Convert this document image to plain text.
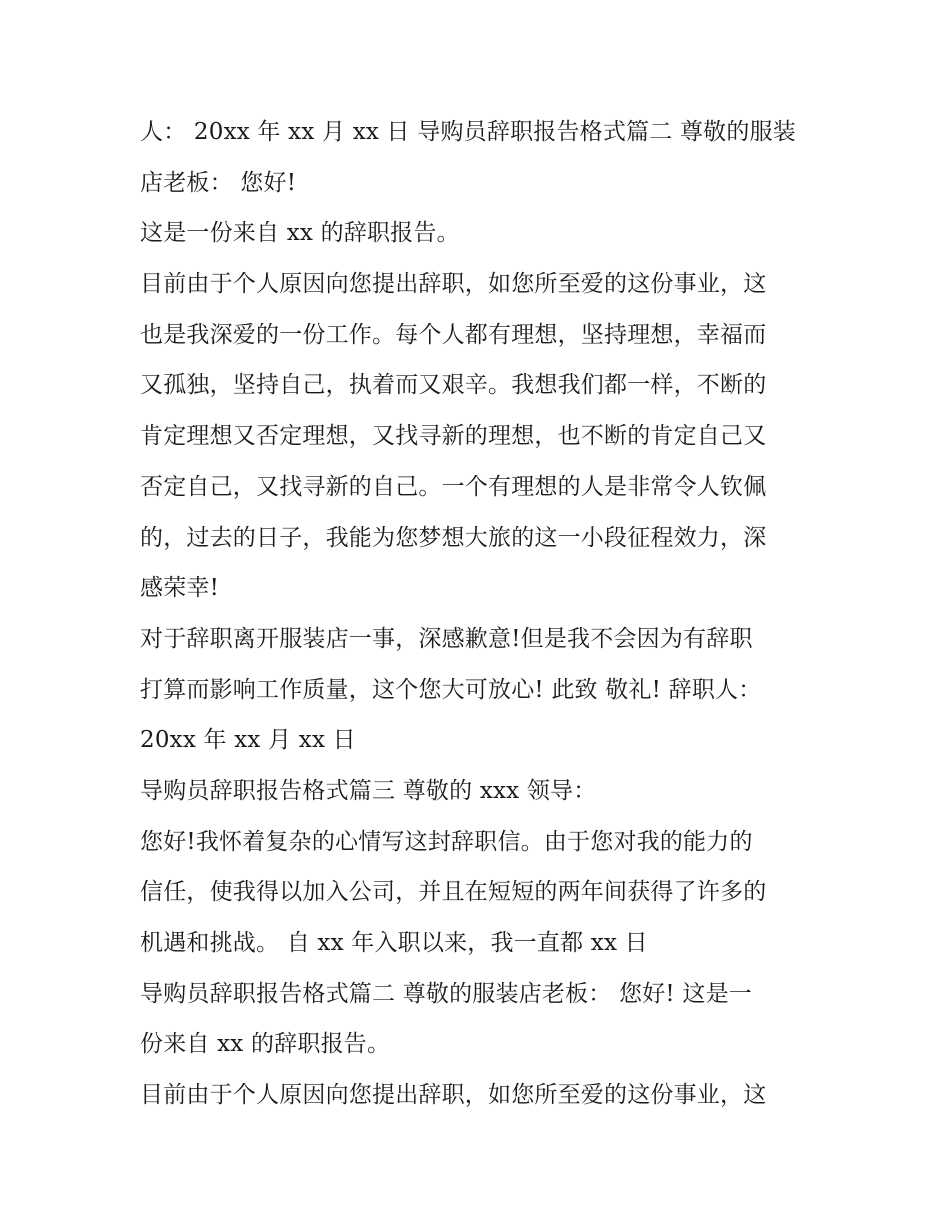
人： 20xx 年 xx 月 xx 日 导购员辞职报告格式篇二 尊敬的服装
店老板： 您好!
这是一份来自 xx 的辞职报告。
目前由于个人原因向您提出辞职，如您所至爱的这份事业，这
也是我深爱的一份工作。每个人都有理想，坚持理想，幸福而
又孤独，坚持自己，执着而又艰辛。我想我们都一样，不断的
肯定理想又否定理想，又找寻新的理想，也不断的肯定自己又
否定自己，又找寻新的自己。一个有理想的人是非常令人钦佩
的，过去的日子，我能为您梦想大旅的这一小段征程效力，深
感荣幸!
对于辞职离开服装店一事，深感歉意!但是我不会因为有辞职
打算而影响工作质量，这个您大可放心! 此致 敬礼! 辞职人：
20xx 年 xx 月 xx 日
导购员辞职报告格式篇三 尊敬的 xxx 领导：
您好!我怀着复杂的心情写这封辞职信。由于您对我的能力的
信任，使我得以加入公司，并且在短短的两年间获得了许多的
机遇和挑战。 自 xx 年入职以来，我一直都 xx 日
导购员辞职报告格式篇二 尊敬的服装店老板： 您好! 这是一
份来自 xx 的辞职报告。
目前由于个人原因向您提出辞职，如您所至爱的这份事业，这
